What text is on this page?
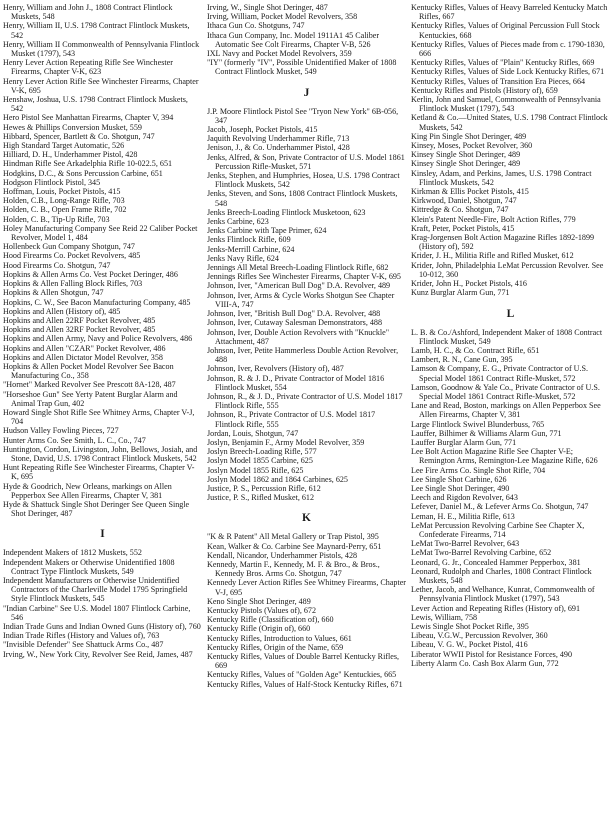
Henry, William and John J., 1808 Contract Flintlock Muskets, 548

Henry, William II, U.S. 1798 Contract Flintlock Muskets, 542

Henry, William II Commonwealth of Pennsylvania Flintlock Musket (1797), 543

Henry Lever Action Repeating Rifle See Winchester Firearms, Chapter V-K, 623

Henry Lever Action Rifle See Winchester Firearms, Chapter V-K, 695

Henshaw, Joshua, U.S. 1798 Contract Flintlock Muskets, 542

Hero Pistol See Manhattan Firearms, Chapter V, 394

Hewes & Phillips Conversion Musket, 559

Hibbard, Spencer, Bartlett & Co. Shotgun, 747

High Standard Target Automatic, 526

Hilliard, D. H., Underhammer Pistol, 428

Hindman Rifle See Arkadelphia Rifle 10-022.5, 651

Hodgkins, D.C., & Sons Percussion Carbine, 651

Hodgson Flintlock Pistol, 345

Hoffman, Louis, Pocket Pistols, 415

Holden, C.B., Long-Range Rifle, 703

Holden, C. B., Open Frame Rifle, 702

Holden, C. B., Tip-Up Rifle, 703

Holey Manufacturing Company See Reid 22 Caliber Pocket Revolver, Model 1, 484

Hollenbeck Gun Company Shotgun, 747

Hood Firearms Co. Pocket Revolvers, 485

Hood Firearms Co. Shotgun, 747

Hopkins & Allen Arms Co. Vest Pocket Deringer, 486

Hopkins & Allen Falling Block Rifles, 703

Hopkins & Allen Shotgun, 747

Hopkins, C. W., See Bacon Manufacturing Company, 485

Hopkins and Allen (History of), 485

Hopkins and Allen 22RF Pocket Revolver, 485

Hopkins and Allen 32RF Pocket Revolver, 485

Hopkins and Allen Army, Navy and Police Revolvers, 486

Hopkins and Allen "CZAR" Pocket Revolver, 486

Hopkins and Allen Dictator Model Revolver, 358

Hopkins & Allen Pocket Model Revolver See Bacon Manufacturing Co., 358

"Hornet" Marked Revolver See Prescott 8A-128, 487

"Horseshoe Gun" See Yerty Patent Burglar Alarm and Animal Trap Gun, 402

Howard Single Shot Rifle See Whitney Arms, Chapter V-J, 704

Hudson Valley Fowling Pieces, 727

Hunter Arms Co. See Smith, L. C., Co., 747

Huntington, Cordon, Livingston, John, Bellows, Josiah, and Stone, David, U.S. 1798 Contract Flintlock Muskets, 542

Hunt Repeating Rifle See Winchester Firearms, Chapter V-K, 695

Hyde & Goodrich, New Orleans, markings on Allen Pepperbox See Allen Firearms, Chapter V, 381

Hyde & Shattuck Single Shot Deringer See Queen Single Shot Deringer, 487

I

Independent Makers of 1812 Muskets, 552

Independent Makers or Otherwise Unidentified 1808 Contract Type Flintlock Muskets, 549

Independent Manufacturers or Otherwise Unidentified Contractors of the Charleville Model 1795 Springfield Style Flintlock Muskets, 545

"Indian Carbine" See U.S. Model 1807 Flintlock Carbine, 546

Indian Trade Guns and Indian Owned Guns (History of), 760

Indian Trade Rifles (History and Values of), 763

"Invisible Defender" See Shattuck Arms Co., 487

Irving, W., New York City, Revolver See Reid, James, 487

Irving, W., Single Shot Deringer, 487

Irving, William, Pocket Model Revolvers, 358

Ithaca Gun Co. Shotguns, 747

Ithaca Gun Company, Inc. Model 1911A1 45 Caliber Automatic See Colt Firearms, Chapter V-B, 526

IXL Navy and Pocket Model Revolvers, 359

"IY" (formerly "IV", Possible Unidentified Maker of 1808 Contract Flintlock Musket, 549

J

J.P. Moore Flintlock Pistol See "Tryon New York" 6B-056, 347

Jacob, Joseph, Pocket Pistols, 415

Jaquith Revolving Underhammer Rifle, 713

Jenison, J., & Co. Underhammer Pistol, 428

Jenks, Alfred, & Son, Private Contractor of U.S. Model 1861 Percussion Rifle-Musket, 571

Jenks, Stephen, and Humphries, Hosea, U.S. 1798 Contract Flintlock Muskets, 542

Jenks, Steven, and Sons, 1808 Contract Flintlock Muskets, 548

Jenks Breech-Loading Flintlock Musketoon, 623

Jenks Carbine, 623

Jenks Carbine with Tape Primer, 624

Jenks Flintlock Rifle, 609

Jenks-Merrill Carbine, 624

Jenks Navy Rifle, 624

Jennings All Metal Breech-Loading Flintlock Rifle, 682

Jennings Rifles See Winchester Firearms, Chapter V-K, 695

Johnson, Iver, "American Bull Dog" D.A. Revolver, 489

Johnson, Iver, Arms & Cycle Works Shotgun See Chapter VIII-A, 747

Johnson, Iver, "British Bull Dog" D.A. Revolver, 488

Johnson, Iver, Cutaway Salesman Demonstrators, 488

Johnson, Iver, Double Action Revolvers with "Knuckle" Attachment, 487

Johnson, Iver, Petite Hammerless Double Action Revolver, 488

Johnson, Iver, Revolvers (History of), 487

Johnson, R. & J. D., Private Contractor of Model 1816 Flintlock Musket, 554

Johnson, R., & J. D., Private Contractor of U.S. Model 1817 Flintlock Rifle, 555

Johnson, R., Private Contractor of U.S. Model 1817 Flintlock Rifle, 555

Jordan, Louis, Shotgun, 747

Joslyn, Benjamin F., Army Model Revolver, 359

Joslyn Breech-Loading Rifle, 577

Joslyn Model 1855 Carbine, 625

Joslyn Model 1855 Rifle, 625

Joslyn Model 1862 and 1864 Carbines, 625

Justice, P. S., Percussion Rifle, 612

Justice, P. S., Rifled Musket, 612

K

"K & R Patent" All Metal Gallery or Trap Pistol, 395

Kean, Walker & Co. Carbine See Maynard-Perry, 651

Kendall, Nicandor, Underhammer Pistols, 428

Kennedy, Martin F., Kennedy, M. F. & Bro., & Bros., Kennedy Bros. Arms Co. Shotgun, 747

Kennedy Lever Action Rifles See Whitney Firearms, Chapter V-J, 695

Keno Single Shot Deringer, 489

Kentucky Pistols (Values of), 672

Kentucky Rifle (Classification of), 660

Kentucky Rifle (Origin of), 660

Kentucky Rifles, Introduction to Values, 661

Kentucky Rifles, Origin of the Name, 659

Kentucky Rifles, Values of Double Barrel Kentucky Rifles, 669

Kentucky Rifles, Values of "Golden Age" Kentuckies, 665

Kentucky Rifles, Values of Half-Stock Kentucky Rifles, 671

Kentucky Rifles, Values of Heavy Barreled Kentucky Match Rifles, 667

Kentucky Rifles, Values of Original Percussion Full Stock Kentuckies, 668

Kentucky Rifles, Values of Pieces made from c. 1790-1830, 666

Kentucky Rifles, Values of "Plain" Kentucky Rifles, 669

Kentucky Rifles, Values of Side Lock Kentucky Rifles, 671

Kentucky Rifles, Values of Transition Era Pieces, 664

Kentucky Rifles and Pistols (History of), 659

Kerlin, John and Samuel, Commonwealth of Pennsylvania Flintlock Musket (1797), 543

Ketland & Co.—United States, U.S. 1798 Contract Flintlock Muskets, 542

King Pin Single Shot Deringer, 489

Kinsey, Moses, Pocket Revolver, 360

Kinsey Single Shot Deringer, 489

Kinsey Single Shot Deringer, 489

Kinsley, Adam, and Perkins, James, U.S. 1798 Contract Flintlock Muskets, 542

Kirkman & Ellis Pocket Pistols, 415

Kirkwood, Daniel, Shotgun, 747

Kittredge & Co. Shotgun, 747

Klein's Patent Needle-Fire, Bolt Action Rifles, 779

Kraft, Peter, Pocket Pistols, 415

Krag-Jorgensen Bolt Action Magazine Rifles 1892-1899 (History of), 592

Krider, J. H., Militia Rifle and Rifled Musket, 612

Krider, John, Philadelphia LeMat Percussion Revolver. See 10-012, 360

Krider, John H., Pocket Pistols, 416

Kunz Burglar Alarm Gun, 771

L

L. B. & Co./Ashford, Independent Maker of 1808 Contract Flintlock Musket, 549

Lamb, H. C., & Co. Contract Rifle, 651

Lambert, R. N., Cane Gun, 395

Lamson & Company, E. G., Private Contractor of U.S. Special Model 1861 Contract Rifle-Musket, 572

Lamson, Goodnow & Yale Co., Private Contractor of U.S. Special Model 1861 Contract Rifle-Musket, 572

Lane and Read, Boston, markings on Allen Pepperbox See Allen Firearms, Chapter V, 381

Large Flintlock Swivel Blunderbuss, 765

Lauffer, Bilhimer & Williams Alarm Gun, 771

Lauffer Burglar Alarm Gun, 771

Lee Bolt Action Magazine Rifle See Chapter V-E; Remington Arms, Remington-Lee Magazine Rifle, 626

Lee Fire Arms Co. Single Shot Rifle, 704

Lee Single Shot Carbine, 626

Lee Single Shot Deringer, 490

Leech and Rigdon Revolver, 643

Lefever, Daniel M., & Lefever Arms Co. Shotgun, 747

Leman, H. E., Militia Rifle, 613

LeMat Percussion Revolving Carbine See Chapter X, Confederate Firearms, 714

LeMat Two-Barrel Revolver, 643

LeMat Two-Barrel Revolving Carbine, 652

Leonard, G. Jr., Concealed Hammer Pepperbox, 381

Leonard, Rudolph and Charles, 1808 Contract Flintlock Muskets, 548

Lether, Jacob, and Welhance, Kunrat, Commonwealth of Pennsylvania Flintlock Musket (1797), 543

Lever Action and Repeating Rifles (History of), 691

Lewis, William, 758

Lewis Single Shot Pocket Rifle, 395

Libeau, V.G.W., Percussion Revolver, 360

Libeau, V. G. W., Pocket Pistol, 416

Liberator WWII Pistol for Resistance Forces, 490

Liberty Alarm Co. Cash Box Alarm Gun, 772
